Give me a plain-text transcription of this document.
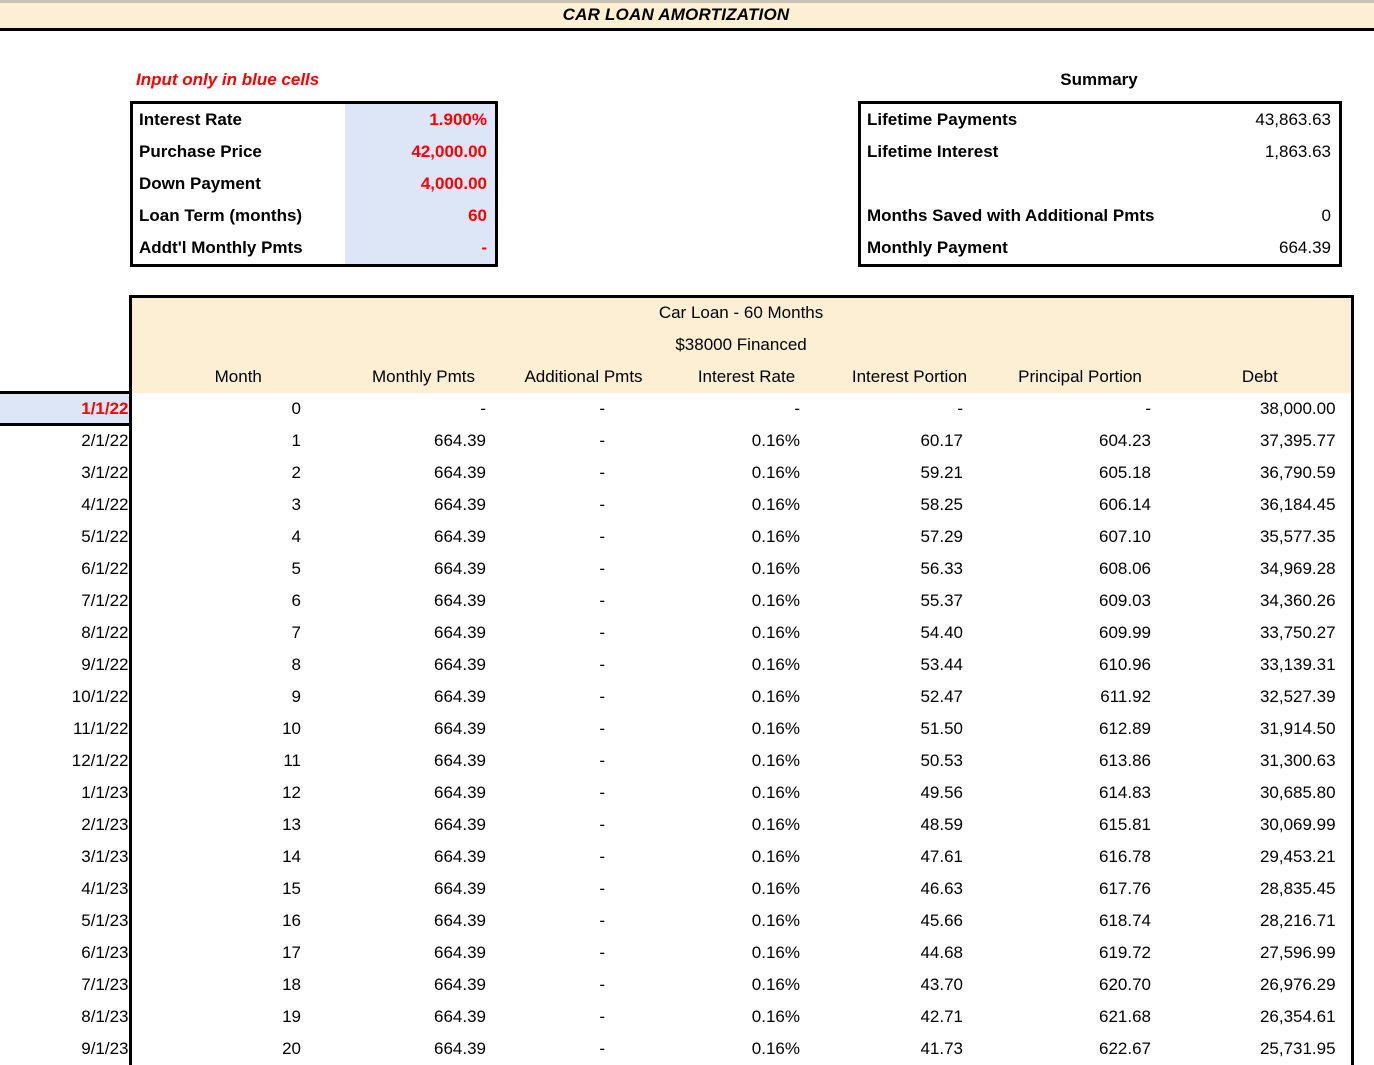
CAR LOAN AMORTIZATION
Input only in blue cells
Interest Rate	1.900%
Purchase Price	42,000.00
Down Payment	4,000.00
Loan Term (months)	60
Addt'l Monthly Pmts	-
Summary
Lifetime Payments	43,863.63
Lifetime Interest	1,863.63
Months Saved with Additional Pmts	0
Monthly Payment	664.39
	Car Loan - 60 Months							
	$38000 Financed							
	Month	Monthly Pmts	Additional Pmts	Interest Rate	Interest Portion	Principal Portion	Debt	
1/1/22	0	-	-	-	-	-	38,000.00	
2/1/22	1	664.39	-	0.16%	60.17	604.23	37,395.77	
3/1/22	2	664.39	-	0.16%	59.21	605.18	36,790.59	
4/1/22	3	664.39	-	0.16%	58.25	606.14	36,184.45	
5/1/22	4	664.39	-	0.16%	57.29	607.10	35,577.35	
6/1/22	5	664.39	-	0.16%	56.33	608.06	34,969.28	
7/1/22	6	664.39	-	0.16%	55.37	609.03	34,360.26	
8/1/22	7	664.39	-	0.16%	54.40	609.99	33,750.27	
9/1/22	8	664.39	-	0.16%	53.44	610.96	33,139.31	
10/1/22	9	664.39	-	0.16%	52.47	611.92	32,527.39	
11/1/22	10	664.39	-	0.16%	51.50	612.89	31,914.50	
12/1/22	11	664.39	-	0.16%	50.53	613.86	31,300.63	
1/1/23	12	664.39	-	0.16%	49.56	614.83	30,685.80	
2/1/23	13	664.39	-	0.16%	48.59	615.81	30,069.99	
3/1/23	14	664.39	-	0.16%	47.61	616.78	29,453.21	
4/1/23	15	664.39	-	0.16%	46.63	617.76	28,835.45	
5/1/23	16	664.39	-	0.16%	45.66	618.74	28,216.71	
6/1/23	17	664.39	-	0.16%	44.68	619.72	27,596.99	
7/1/23	18	664.39	-	0.16%	43.70	620.70	26,976.29	
8/1/23	19	664.39	-	0.16%	42.71	621.68	26,354.61	
9/1/23	20	664.39	-	0.16%	41.73	622.67	25,731.95	
